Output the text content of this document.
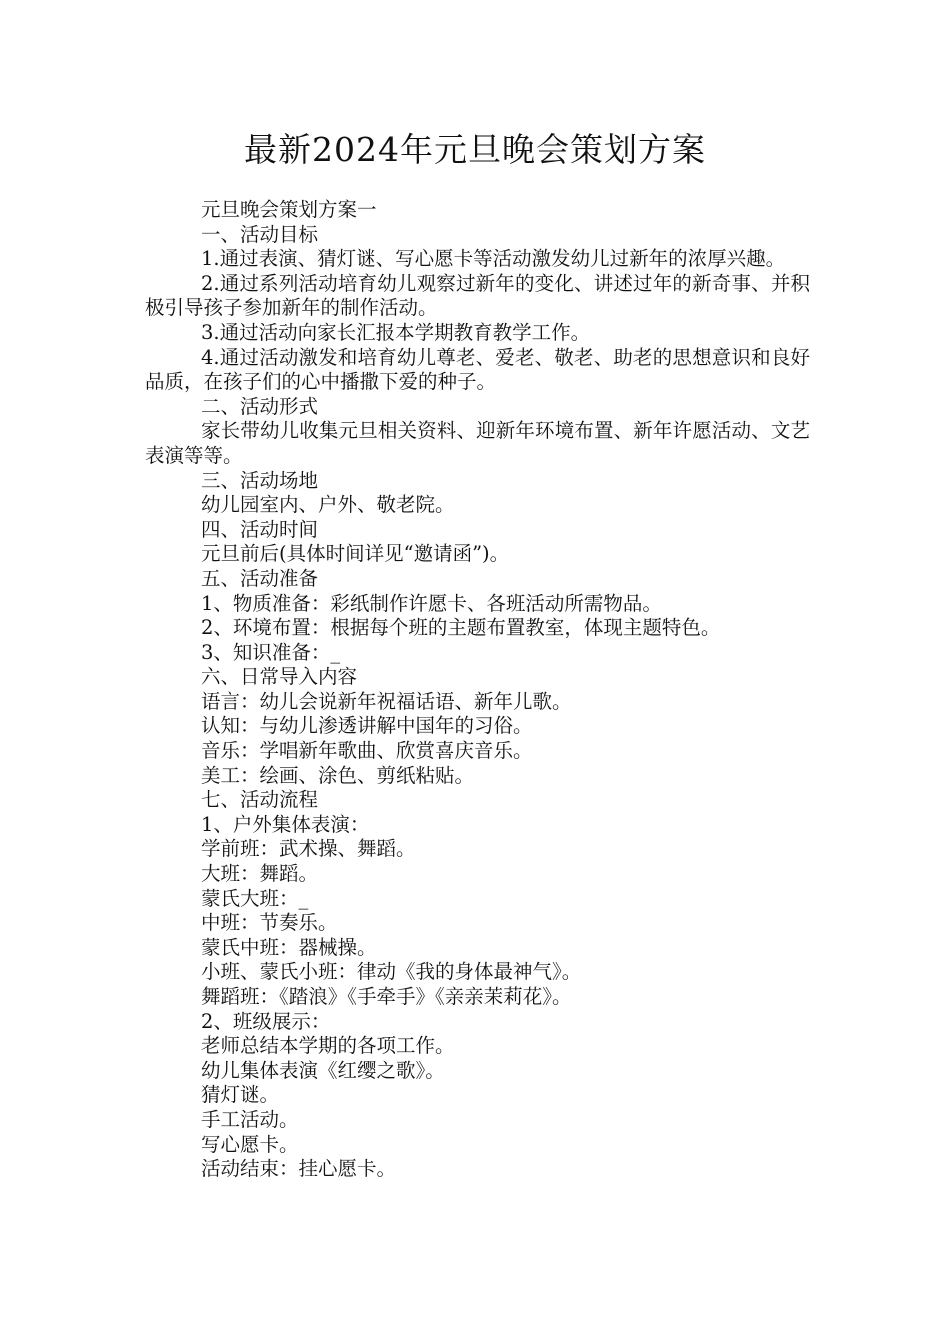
最新2024年元旦晚会策划方案

元旦晚会策划方案一

一、活动目标

1.通过表演、猜灯谜、写心愿卡等活动激发幼儿过新年的浓厚兴趣。

2.通过系列活动培育幼儿观察过新年的变化、讲述过年的新奇事、并积极引导孩子参加新年的制作活动。

3.通过活动向家长汇报本学期教育教学工作。

4.通过活动激发和培育幼儿尊老、爱老、敬老、助老的思想意识和良好品质，在孩子们的心中播撒下爱的种子。

二、活动形式

家长带幼儿收集元旦相关资料、迎新年环境布置、新年许愿活动、文艺表演等等。

三、活动场地

幼儿园室内、户外、敬老院。

四、活动时间

元旦前后(具体时间详见“邀请函”)。

五、活动准备

1、物质准备：彩纸制作许愿卡、各班活动所需物品。

2、环境布置：根据每个班的主题布置教室，体现主题特色。

3、知识准备：_

六、日常导入内容

语言：幼儿会说新年祝福话语、新年儿歌。

认知：与幼儿渗透讲解中国年的习俗。

音乐：学唱新年歌曲、欣赏喜庆音乐。

美工：绘画、涂色、剪纸粘贴。

七、活动流程

1、户外集体表演：

学前班：武术操、舞蹈。

大班：舞蹈。

蒙氏大班：_

中班：节奏乐。

蒙氏中班：器械操。

小班、蒙氏小班：律动《我的身体最神气》。

舞蹈班：《踏浪》《手牵手》《亲亲茉莉花》。

2、班级展示：

老师总结本学期的各项工作。

幼儿集体表演《红缨之歌》。

猜灯谜。

手工活动。

写心愿卡。

活动结束：挂心愿卡。
